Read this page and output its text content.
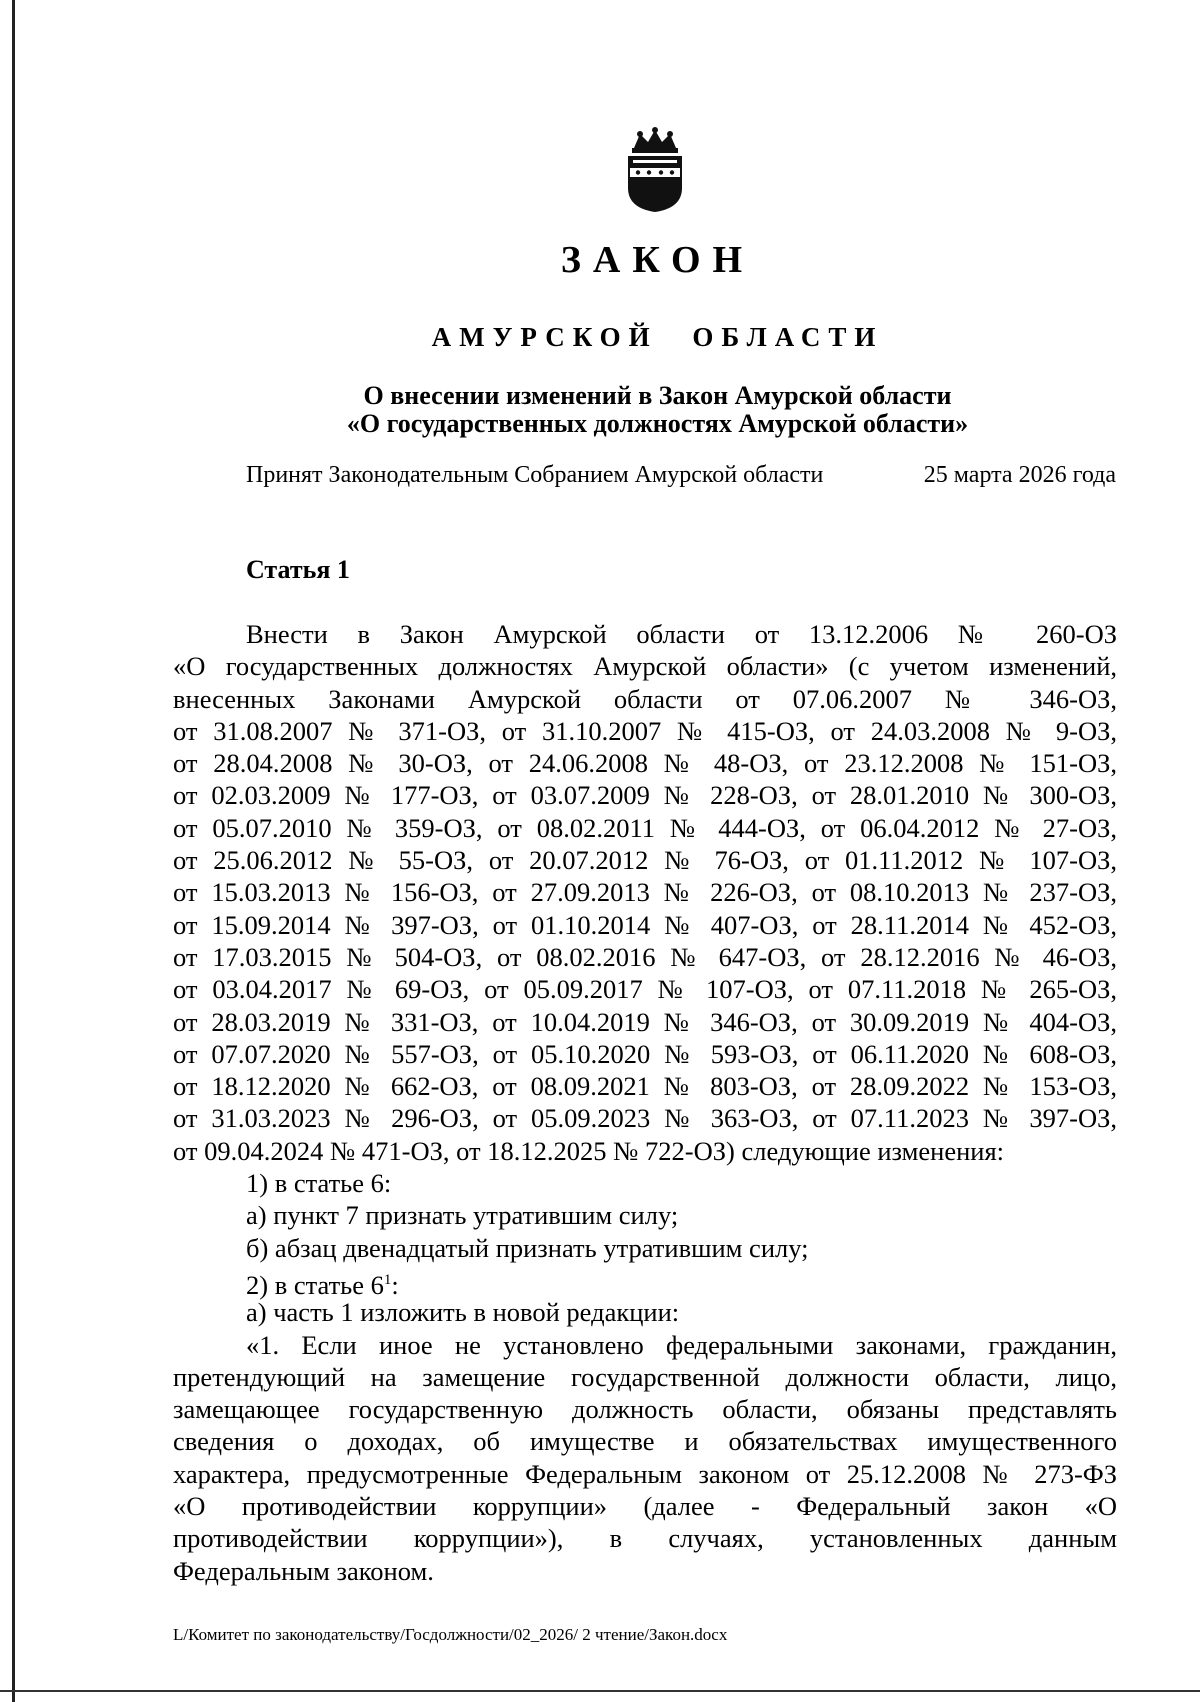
ЗАКОН
АМУРСКОЙ ОБЛАСТИ
О внесении изменений в Закон Амурской области
«О государственных должностях Амурской области»
Принят Законодательным Собранием Амурской области	25 марта 2026 года
Статья 1
Внести в Закон Амурской области от 13.12.2006 № 260-ОЗ
«О государственных должностях Амурской области» (с учетом изменений,
внесенных Законами Амурской области от 07.06.2007 № 346-ОЗ,
от 31.08.2007 № 371-ОЗ, от 31.10.2007 № 415-ОЗ, от 24.03.2008 № 9-ОЗ,
от 28.04.2008 № 30-ОЗ, от 24.06.2008 № 48-ОЗ, от 23.12.2008 № 151-ОЗ,
от 02.03.2009 № 177-ОЗ, от 03.07.2009 № 228-ОЗ, от 28.01.2010 № 300-ОЗ,
от 05.07.2010 № 359-ОЗ, от 08.02.2011 № 444-ОЗ, от 06.04.2012 № 27-ОЗ,
от 25.06.2012 № 55-ОЗ, от 20.07.2012 № 76-ОЗ, от 01.11.2012 № 107-ОЗ,
от 15.03.2013 № 156-ОЗ, от 27.09.2013 № 226-ОЗ, от 08.10.2013 № 237-ОЗ,
от 15.09.2014 № 397-ОЗ, от 01.10.2014 № 407-ОЗ, от 28.11.2014 № 452-ОЗ,
от 17.03.2015 № 504-ОЗ, от 08.02.2016 № 647-ОЗ, от 28.12.2016 № 46-ОЗ,
от 03.04.2017 № 69-ОЗ, от 05.09.2017 № 107-ОЗ, от 07.11.2018 № 265-ОЗ,
от 28.03.2019 № 331-ОЗ, от 10.04.2019 № 346-ОЗ, от 30.09.2019 № 404-ОЗ,
от 07.07.2020 № 557-ОЗ, от 05.10.2020 № 593-ОЗ, от 06.11.2020 № 608-ОЗ,
от 18.12.2020 № 662-ОЗ, от 08.09.2021 № 803-ОЗ, от 28.09.2022 № 153-ОЗ,
от 31.03.2023 № 296-ОЗ, от 05.09.2023 № 363-ОЗ, от 07.11.2023 № 397-ОЗ,
от 09.04.2024 № 471-ОЗ, от 18.12.2025 № 722-ОЗ) следующие изменения:
1) в статье 6:
а) пункт 7 признать утратившим силу;
б) абзац двенадцатый признать утратившим силу;
2) в статье $6^1$:
а) часть 1 изложить в новой редакции:
«1. Если иное не установлено федеральными законами, гражданин,
претендующий на замещение государственной должности области, лицо,
замещающее государственную должность области, обязаны представлять
сведения о доходах, об имуществе и обязательствах имущественного
характера, предусмотренные Федеральным законом от 25.12.2008 № 273-ФЗ
«О противодействии коррупции» (далее - Федеральный закон «О
противодействии коррупции»), в случаях, установленных данным
Федеральным законом.
L/Комитет по законодательству/Госдолжности/02_2026/ 2 чтение/Закон.docx
